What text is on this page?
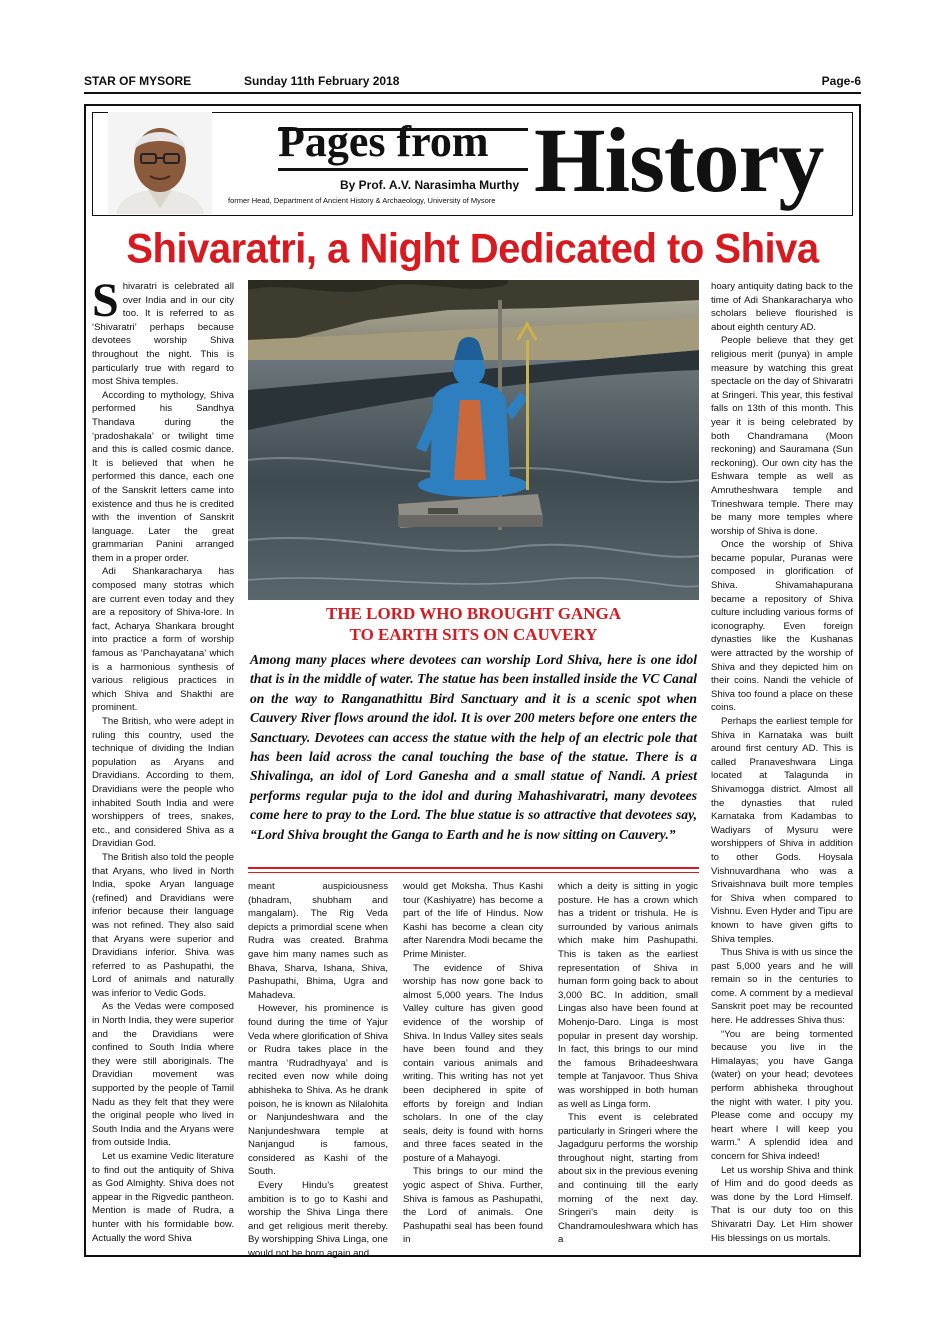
STAR OF MYSORE	Sunday 11th February 2018	Page-6
Pages from History
By Prof. A.V. Narasimha Murthy
former Head, Department of Ancient History & Archaeology, University of Mysore
Shivaratri, a Night Dedicated to Shiva

Shivaratri is celebrated all over India and in our city too. It is referred to as ‘Shivaratri’ perhaps because devotees worship Shiva throughout the night. This is particularly true with regard to most Shiva temples.

According to mythology, Shiva performed his Sandhya Thandava during the ‘pradoshakala’ or twilight time and this is called cosmic dance. It is believed that when he performed this dance, each one of the Sanskrit letters came into existence and thus he is credited with the invention of Sanskrit language. Later the great grammarian Panini arranged them in a proper order.

Adi Shankaracharya has composed many stotras which are current even today and they are a repository of Shiva-lore. In fact, Acharya Shankara brought into practice a form of worship famous as ‘Panchayatana’ which is a harmonious synthesis of various religious practices in which Shiva and Shakthi are prominent.

The British, who were adept in ruling this country, used the technique of dividing the Indian population as Aryans and Dravidians. According to them, Dravidians were the people who inhabited South India and were worshippers of trees, snakes, etc., and considered Shiva as a Dravidian God.

The British also told the people that Aryans, who lived in North India, spoke Aryan language (refined) and Dravidians were inferior because their language was not refined. They also said that Aryans were superior and Dravidians inferior. Shiva was referred to as Pashupathi, the Lord of animals and naturally was inferior to Vedic Gods.

As the Vedas were composed in North India, they were superior and the Dravidians were confined to South India where they were still aboriginals. The Dravidian movement was supported by the people of Tamil Nadu as they felt that they were the original people who lived in South India and the Aryans were from outside India.

Let us examine Vedic literature to find out the antiquity of Shiva as God Almighty. Shiva does not appear in the Rigvedic pantheon. Mention is made of Rudra, a hunter with his formidable bow. Actually the word Shiva

THE LORD WHO BROUGHT GANGA
TO EARTH SITS ON CAUVERY
Among many places where devotees can worship Lord Shiva, here is one idol that is in the middle of water. The statue has been installed inside the VC Canal on the way to Ranganathittu Bird Sanctuary and it is a scenic spot when Cauvery River flows around the idol. It is over 200 meters before one enters the Sanctuary. Devotees can access the statue with the help of an electric pole that has been laid across the canal touching the base of the statue. There is a Shivalinga, an idol of Lord Ganesha and a small statue of Nandi. A priest performs regular puja to the idol and during Mahashivaratri, many devotees come here to pray to the Lord. The blue statue is so attractive that devotees say, “Lord Shiva brought the Ganga to Earth and he is now sitting on Cauvery.”

meant auspiciousness (bhadram, shubham and mangalam). The Rig Veda depicts a primordial scene when Rudra was created. Brahma gave him many names such as Bhava, Sharva, Ishana, Shiva, Pashupathi, Bhima, Ugra and Mahadeva.

However, his prominence is found during the time of Yajur Veda where glorification of Shiva or Rudra takes place in the mantra ‘Rudradhyaya’ and is recited even now while doing abhisheka to Shiva. As he drank poison, he is known as Nilalohita or Nanjundeshwara and the Nanjundeshwara temple at Nanjangud is famous, considered as Kashi of the South.

Every Hindu’s greatest ambition is to go to Kashi and worship the Shiva Linga there and get religious merit thereby. By worshipping Shiva Linga, one would not be born again and

would get Moksha. Thus Kashi tour (Kashiyatre) has become a part of the life of Hindus. Now Kashi has become a clean city after Narendra Modi became the Prime Minister.

The evidence of Shiva worship has now gone back to almost 5,000 years. The Indus Valley culture has given good evidence of the worship of Shiva. In Indus Valley sites seals have been found and they contain various animals and writing. This writing has not yet been deciphered in spite of efforts by foreign and Indian scholars. In one of the clay seals, deity is found with horns and three faces seated in the posture of a Mahayogi.

This brings to our mind the yogic aspect of Shiva. Further, Shiva is famous as Pashupathi, the Lord of animals. One Pashupathi seal has been found in

which a deity is sitting in yogic posture. He has a crown which has a trident or trishula. He is surrounded by various animals which make him Pashupathi. This is taken as the earliest representation of Shiva in human form going back to about 3,000 BC. In addition, small Lingas also have been found at Mohenjo-Daro. Linga is most popular in present day worship. In fact, this brings to our mind the famous Brihadeeshwara temple at Tanjavoor. Thus Shiva was worshipped in both human as well as Linga form.

This event is celebrated particularly in Sringeri where the Jagadguru performs the worship throughout night, starting from about six in the previous evening and continuing till the early morning of the next day. Sringeri’s main deity is Chandramouleshwara which has a

hoary antiquity dating back to the time of Adi Shankaracharya who scholars believe flourished is about eighth century AD.

People believe that they get religious merit (punya) in ample measure by watching this great spectacle on the day of Shivaratri at Sringeri. This year, this festival falls on 13th of this month. This year it is being celebrated by both Chandramana (Moon reckoning) and Sauramana (Sun reckoning). Our own city has the Eshwara temple as well as Amrutheshwara temple and Trineshwara temple. There may be many more temples where worship of Shiva is done.

Once the worship of Shiva became popular, Puranas were composed in glorification of Shiva. Shivamahapurana became a repository of Shiva culture including various forms of iconography. Even foreign dynasties like the Kushanas were attracted by the worship of Shiva and they depicted him on their coins. Nandi the vehicle of Shiva too found a place on these coins.

Perhaps the earliest temple for Shiva in Karnataka was built around first century AD. This is called Pranaveshwara Linga located at Talagunda in Shivamogga district. Almost all the dynasties that ruled Karnataka from Kadambas to Wadiyars of Mysuru were worshippers of Shiva in addition to other Gods. Hoysala Vishnuvardhana who was a Srivaishnava built more temples for Shiva when compared to Vishnu. Even Hyder and Tipu are known to have given gifts to Shiva temples.

Thus Shiva is with us since the past 5,000 years and he will remain so in the centuries to come. A comment by a medieval Sanskrit poet may be recounted here. He addresses Shiva thus:

“You are being tormented because you live in the Himalayas; you have Ganga (water) on your head; devotees perform abhisheka throughout the night with water. I pity you. Please come and occupy my heart where I will keep you warm.” A splendid idea and concern for Shiva indeed!

Let us worship Shiva and think of Him and do good deeds as was done by the Lord Himself. That is our duty too on this Shivaratri Day. Let Him shower His blessings on us mortals.
